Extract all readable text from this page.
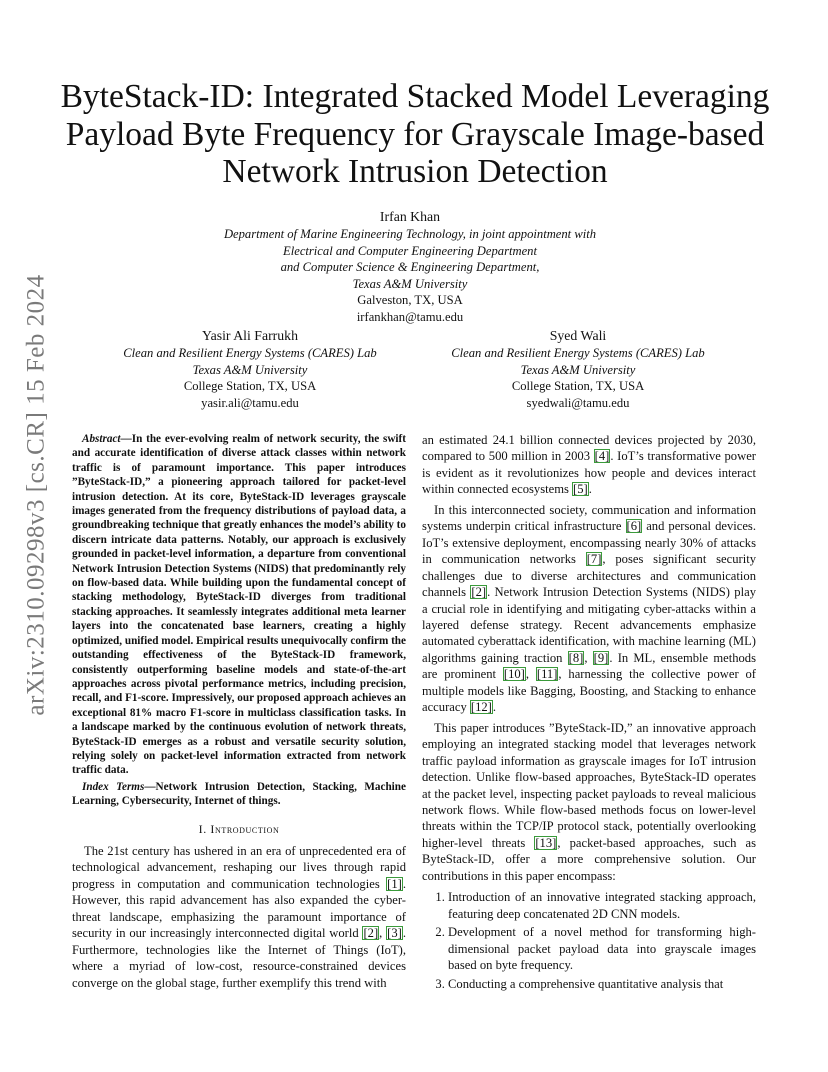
arXiv:2310.09298v3 [cs.CR] 15 Feb 2024
ByteStack-ID: Integrated Stacked Model Leveraging Payload Byte Frequency for Grayscale Image-based Network Intrusion Detection
Irfan Khan
Department of Marine Engineering Technology, in joint appointment with
Electrical and Computer Engineering Department
and Computer Science & Engineering Department,
Texas A&M University
Galveston, TX, USA
irfankhan@tamu.edu
Yasir Ali Farrukh
Clean and Resilient Energy Systems (CARES) Lab
Texas A&M University
College Station, TX, USA
yasir.ali@tamu.edu
Syed Wali
Clean and Resilient Energy Systems (CARES) Lab
Texas A&M University
College Station, TX, USA
syedwali@tamu.edu

Abstract—In the ever-evolving realm of network security, the swift and accurate identification of diverse attack classes within network traffic is of paramount importance. This paper introduces ”ByteStack-ID,” a pioneering approach tailored for packet-level intrusion detection. At its core, ByteStack-ID leverages grayscale images generated from the frequency distributions of payload data, a groundbreaking technique that greatly enhances the model’s ability to discern intricate data patterns. Notably, our approach is exclusively grounded in packet-level information, a departure from conventional Network Intrusion Detection Systems (NIDS) that predominantly rely on flow-based data. While building upon the fundamental concept of stacking methodology, ByteStack-ID diverges from traditional stacking approaches. It seamlessly integrates additional meta learner layers into the concatenated base learners, creating a highly optimized, unified model. Empirical results unequivocally confirm the outstanding effectiveness of the ByteStack-ID framework, consistently outperforming baseline models and state-of-the-art approaches across pivotal performance metrics, including precision, recall, and F1-score. Impressively, our proposed approach achieves an exceptional 81% macro F1-score in multiclass classification tasks. In a landscape marked by the continuous evolution of network threats, ByteStack-ID emerges as a robust and versatile security solution, relying solely on packet-level information extracted from network traffic data.

Index Terms—Network Intrusion Detection, Stacking, Machine Learning, Cybersecurity, Internet of things.

I. Introduction

The 21st century has ushered in an era of unprecedented era of technological advancement, reshaping our lives through rapid progress in computation and communication technologies [1]. However, this rapid advancement has also expanded the cyber-threat landscape, emphasizing the paramount importance of security in our increasingly interconnected digital world [2], [3]. Furthermore, technologies like the Internet of Things (IoT), where a myriad of low-cost, resource-constrained devices converge on the global stage, further exemplify this trend with

an estimated 24.1 billion connected devices projected by 2030, compared to 500 million in 2003 [4]. IoT’s transformative power is evident as it revolutionizes how people and devices interact within connected ecosystems [5].

In this interconnected society, communication and information systems underpin critical infrastructure [6] and personal devices. IoT’s extensive deployment, encompassing nearly 30% of attacks in communication networks [7], poses significant security challenges due to diverse architectures and communication channels [2]. Network Intrusion Detection Systems (NIDS) play a crucial role in identifying and mitigating cyber-attacks within a layered defense strategy. Recent advancements emphasize automated cyberattack identification, with machine learning (ML) algorithms gaining traction [8], [9]. In ML, ensemble methods are prominent [10], [11], harnessing the collective power of multiple models like Bagging, Boosting, and Stacking to enhance accuracy [12].

This paper introduces ”ByteStack-ID,” an innovative approach employing an integrated stacking model that leverages network traffic payload information as grayscale images for IoT intrusion detection. Unlike flow-based approaches, ByteStack-ID operates at the packet level, inspecting packet payloads to reveal malicious network flows. While flow-based methods focus on lower-level threats within the TCP/IP protocol stack, potentially overlooking higher-level threats [13], packet-based approaches, such as ByteStack-ID, offer a more comprehensive solution. Our contributions in this paper encompass:

1. Introduction of an innovative integrated stacking approach, featuring deep concatenated 2D CNN models.
2. Development of a novel method for transforming high-dimensional packet payload data into grayscale images based on byte frequency.
3. Conducting a comprehensive quantitative analysis that
